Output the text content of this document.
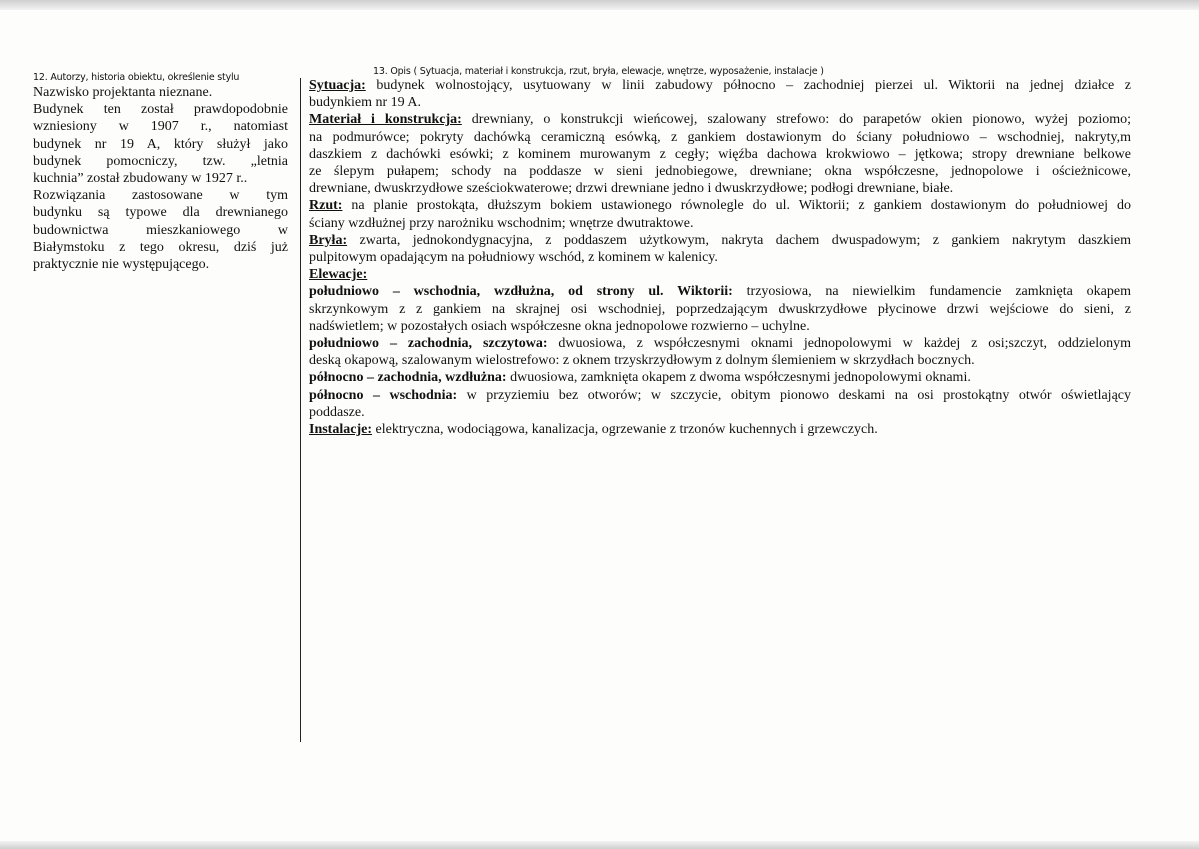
12. Autorzy, historia obiektu, określenie stylu
13. Opis ( Sytuacja, materiał i konstrukcja, rzut, bryła, elewacje, wnętrze, wyposażenie, instalacje )
Nazwisko projektanta nieznane.
Budynek ten został prawdopodobnie
wzniesiony w 1907 r., natomiast
budynek nr 19 A, który służył jako
budynek pomocniczy, tzw. „letnia
kuchnia” został zbudowany w 1927 r..
Rozwiązania zastosowane w tym
budynku są typowe dla drewnianego
budownictwa mieszkaniowego w
Białymstoku z tego okresu, dziś już
praktycznie nie występującego.
Sytuacja: budynek wolnostojący, usytuowany w linii zabudowy północno – zachodniej pierzei ul. Wiktorii na jednej działce z
budynkiem nr 19 A.
Materiał i konstrukcja: drewniany, o konstrukcji wieńcowej, szalowany strefowo: do parapetów okien pionowo, wyżej poziomo;
na podmurówce; pokryty dachówką ceramiczną esówką, z gankiem dostawionym do ściany południowo – wschodniej, nakryty,m
daszkiem z dachówki esówki; z kominem murowanym z cegły; więźba dachowa krokwiowo – jętkowa; stropy drewniane belkowe
ze ślepym pułapem; schody na poddasze w sieni jednobiegowe, drewniane; okna współczesne, jednopolowe i ościeżnicowe,
drewniane, dwuskrzydłowe sześciokwaterowe; drzwi drewniane jedno i dwuskrzydłowe; podłogi drewniane, białe.
Rzut: na planie prostokąta, dłuższym bokiem ustawionego równolegle do ul. Wiktorii; z gankiem dostawionym do południowej do
ściany wzdłużnej przy narożniku wschodnim; wnętrze dwutraktowe.
Bryła: zwarta, jednokondygnacyjna, z poddaszem użytkowym, nakryta dachem dwuspadowym; z gankiem nakrytym daszkiem
pulpitowym opadającym na południowy wschód, z kominem w kalenicy.
Elewacje:
południowo – wschodnia, wzdłużna, od strony ul. Wiktorii: trzyosiowa, na niewielkim fundamencie zamknięta okapem
skrzynkowym z z gankiem na skrajnej osi wschodniej, poprzedzającym dwuskrzydłowe płycinowe drzwi wejściowe do sieni, z
nadświetlem; w pozostałych osiach współczesne okna jednopolowe rozwierno – uchylne.
południowo – zachodnia, szczytowa: dwuosiowa, z współczesnymi oknami jednopolowymi w każdej z osi;szczyt, oddzielonym
deską okapową, szalowanym wielostrefowo: z oknem trzyskrzydłowym z dolnym ślemieniem w skrzydłach bocznych.
północno – zachodnia, wzdłużna: dwuosiowa, zamknięta okapem z dwoma współczesnymi jednopolowymi oknami.
północno – wschodnia: w przyziemiu bez otworów; w szczycie, obitym pionowo deskami na osi prostokątny otwór oświetlający
poddasze.
Instalacje: elektryczna, wodociągowa, kanalizacja, ogrzewanie z trzonów kuchennych i grzewczych.
